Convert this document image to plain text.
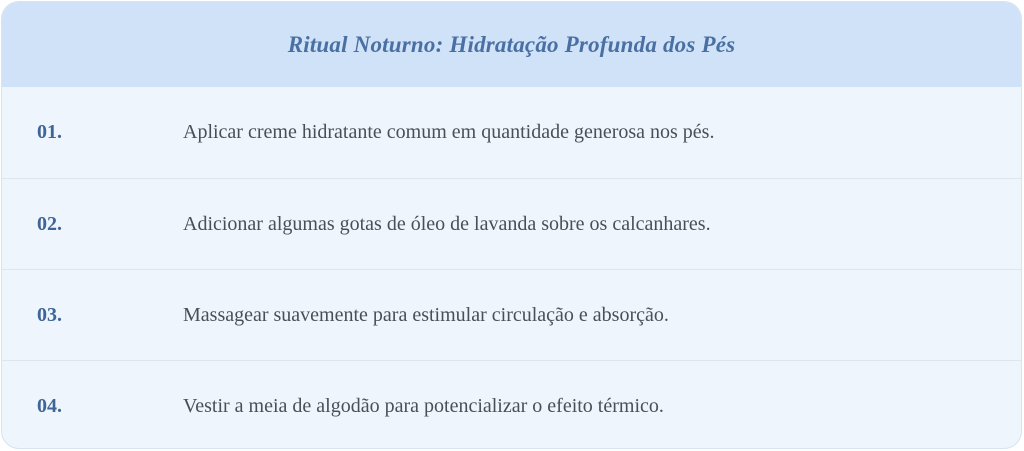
Ritual Noturno: Hidratação Profunda dos Pés
01.	Aplicar creme hidratante comum em quantidade generosa nos pés.
02.	Adicionar algumas gotas de óleo de lavanda sobre os calcanhares.
03.	Massagear suavemente para estimular circulação e absorção.
04.	Vestir a meia de algodão para potencializar o efeito térmico.
